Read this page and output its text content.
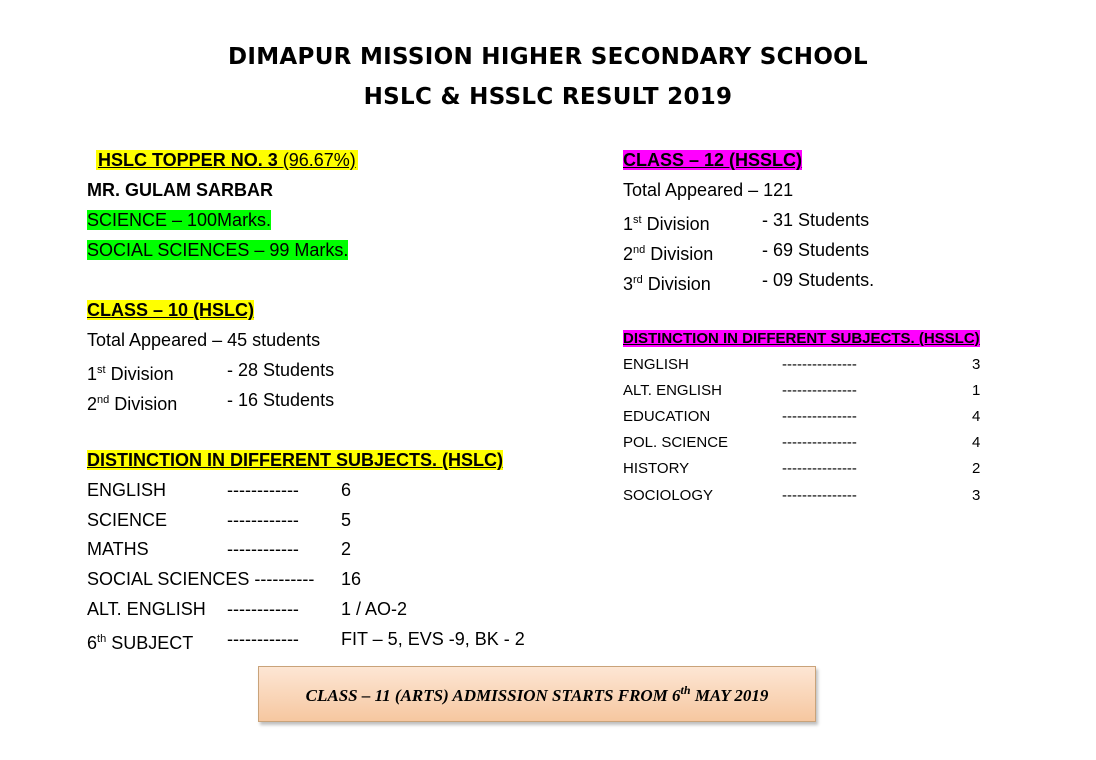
DIMAPUR MISSION HIGHER SECONDARY SCHOOL
HSLC & HSSLC RESULT 2019
HSLC TOPPER NO. 3 (96.67%)
MR. GULAM SARBAR
SCIENCE – 100Marks.
SOCIAL SCIENCES – 99 Marks.
CLASS – 10 (HSLC)
Total Appeared – 45 students
1st Division	- 28 Students
2nd Division	- 16 Students
DISTINCTION IN DIFFERENT SUBJECTS. (HSLC)
ENGLISH	------------ 6
SCIENCE	------------ 5
MATHS	------------ 2
SOCIAL SCIENCES ---------- 16
ALT. ENGLISH ------------ 1 / AO-2
6th SUBJECT ------------ FIT – 5, EVS -9, BK - 2
CLASS – 12 (HSSLC)
Total Appeared – 121
1st Division	- 31 Students
2nd Division	- 69 Students
3rd Division	- 09 Students.
DISTINCTION IN DIFFERENT SUBJECTS. (HSSLC)
ENGLISH	---------------	3
ALT. ENGLISH	---------------	1
EDUCATION	---------------	4
POL. SCIENCE	---------------	4
HISTORY	---------------	2
SOCIOLOGY	---------------	3
CLASS – 11 (ARTS) ADMISSION STARTS FROM 6th MAY 2019
